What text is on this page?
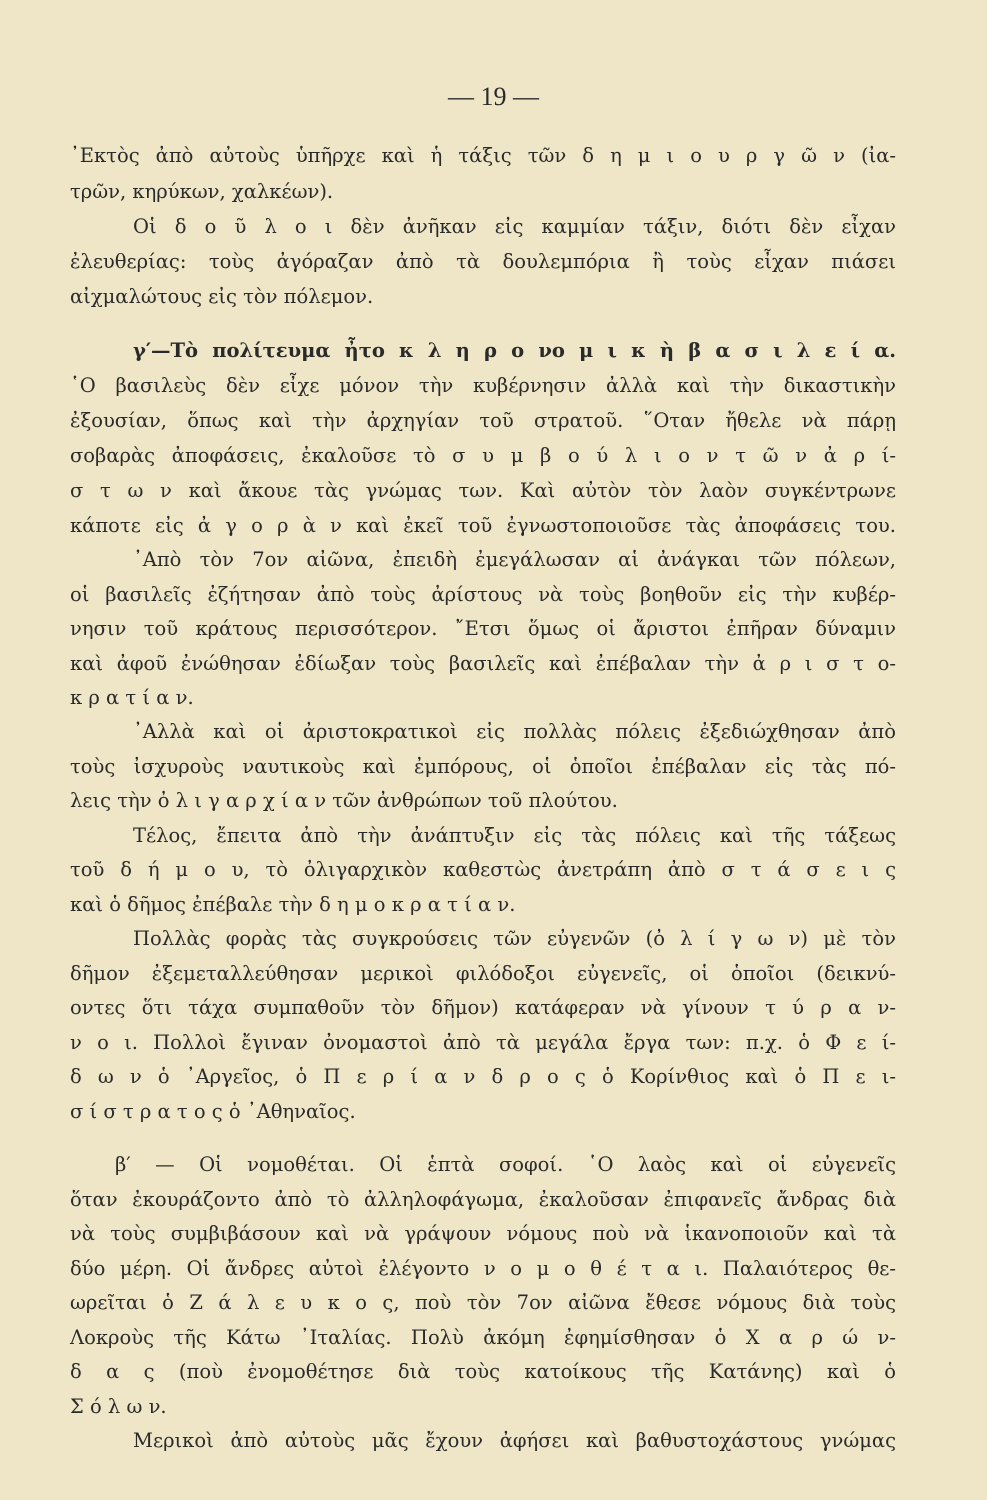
— 19 —
᾿Εκτὸς ἀπὸ αὐτοὺς ὑπῆρχε καὶ ἡ τάξις τῶν δ η μ ι ο υ ρ γ ῶ ν (ἰα-
τρῶν, κηρύκων, χαλκέων).
Οἱ δ ο ῦ λ ο ι δὲν ἀνῆκαν εἰς καμμίαν τάξιν, διότι δὲν εἶχαν
ἐλευθερίας: τοὺς ἀγόραζαν ἀπὸ τὰ δουλεμπόρια ἢ τοὺς εἶχαν πιάσει
αἰχμαλώτους εἰς τὸν πόλεμον.
γ′—Τὸ πολίτευμα ἦτο κ λ η ρ ο νο μ ι κ ὴ β α σ ι λ ε ί α.
῾Ο βασιλεὺς δὲν εἶχε μόνον τὴν κυβέρνησιν ἀλλὰ καὶ τὴν δικαστικὴν
ἐξουσίαν, ὅπως καὶ τὴν ἀρχηγίαν τοῦ στρατοῦ. ῞Οταν ἤθελε νὰ πάρῃ
σοβαρὰς ἀποφάσεις, ἐκαλοῦσε τὸ σ υ μ β ο ύ λ ι ο ν τ ῶ ν ἀ ρ ί-
σ τ ω ν καὶ ἄκουε τὰς γνώμας των. Καὶ αὐτὸν τὸν λαὸν συγκέντρωνε
κάποτε εἰς ἀ γ ο ρ ὰ ν καὶ ἐκεῖ τοῦ ἐγνωστοποιοῦσε τὰς ἀποφάσεις του.
᾿Απὸ τὸν 7ον αἰῶνα, ἐπειδὴ ἐμεγάλωσαν αἱ ἀνάγκαι τῶν πόλεων,
οἱ βασιλεῖς ἐζήτησαν ἀπὸ τοὺς ἀρίστους νὰ τοὺς βοηθοῦν εἰς τὴν κυβέρ-
νησιν τοῦ κράτους περισσότερον. ῎Ετσι ὅμως οἱ ἄριστοι ἐπῆραν δύναμιν
καὶ ἀφοῦ ἐνώθησαν ἐδίωξαν τοὺς βασιλεῖς καὶ ἐπέβαλαν τὴν ἀ ρ ι σ τ ο-
κ ρ α τ ί α ν.
᾿Αλλὰ καὶ οἱ ἀριστοκρατικοὶ εἰς πολλὰς πόλεις ἐξεδιώχθησαν ἀπὸ
τοὺς ἰσχυροὺς ναυτικοὺς καὶ ἐμπόρους, οἱ ὁποῖοι ἐπέβαλαν εἰς τὰς πό-
λεις τὴν ὀ λ ι γ α ρ χ ί α ν τῶν ἀνθρώπων τοῦ πλούτου.
Τέλος, ἔπειτα ἀπὸ τὴν ἀνάπτυξιν εἰς τὰς πόλεις καὶ τῆς τάξεως
τοῦ δ ή μ ο υ, τὸ ὀλιγαρχικὸν καθεστὼς ἀνετράπη ἀπὸ σ τ ά σ ε ι ς
καὶ ὁ δῆμος ἐπέβαλε τὴν δ η μ ο κ ρ α τ ί α ν.
Πολλὰς φορὰς τὰς συγκρούσεις τῶν εὐγενῶν (ὀ λ ί γ ω ν) μὲ τὸν
δῆμον ἐξεμεταλλεύθησαν μερικοὶ φιλόδοξοι εὐγενεῖς, οἱ ὁποῖοι (δεικνύ-
οντες ὅτι τάχα συμπαθοῦν τὸν δῆμον) κατάφεραν νὰ γίνουν τ ύ ρ α ν-
ν ο ι. Πολλοὶ ἔγιναν ὀνομαστοὶ ἀπὸ τὰ μεγάλα ἔργα των: π.χ. ὁ Φ ε ί-
δ ω ν ὁ ᾿Αργεῖος, ὁ Π ε ρ ί α ν δ ρ ο ς ὁ Κορίνθιος καὶ ὁ Π ε ι-
σ ί σ τ ρ α τ ο ς ὁ ᾿Αθηναῖος.
β′ — Οἱ νομοθέται. Οἱ ἑπτὰ σοφοί. ῾Ο λαὸς καὶ οἱ εὐγενεῖς
ὅταν ἐκουράζοντο ἀπὸ τὸ ἀλληλοφάγωμα, ἐκαλοῦσαν ἐπιφανεῖς ἄνδρας διὰ
νὰ τοὺς συμβιβάσουν καὶ νὰ γράψουν νόμους ποὺ νὰ ἱκανοποιοῦν καὶ τὰ
δύο μέρη. Οἱ ἄνδρες αὐτοὶ ἐλέγοντο ν ο μ ο θ έ τ α ι. Παλαιότερος θε-
ωρεῖται ὁ Ζ ά λ ε υ κ ο ς, ποὺ τὸν 7ον αἰῶνα ἔθεσε νόμους διὰ τοὺς
Λοκροὺς τῆς Κάτω ᾿Ιταλίας. Πολὺ ἀκόμη ἐφημίσθησαν ὁ Χ α ρ ώ ν-
δ α ς (ποὺ ἐνομοθέτησε διὰ τοὺς κατοίκους τῆς Κατάνης) καὶ ὁ
Σ ό λ ω ν.
Μερικοὶ ἀπὸ αὐτοὺς μᾶς ἔχουν ἀφήσει καὶ βαθυστοχάστους γνώμας
